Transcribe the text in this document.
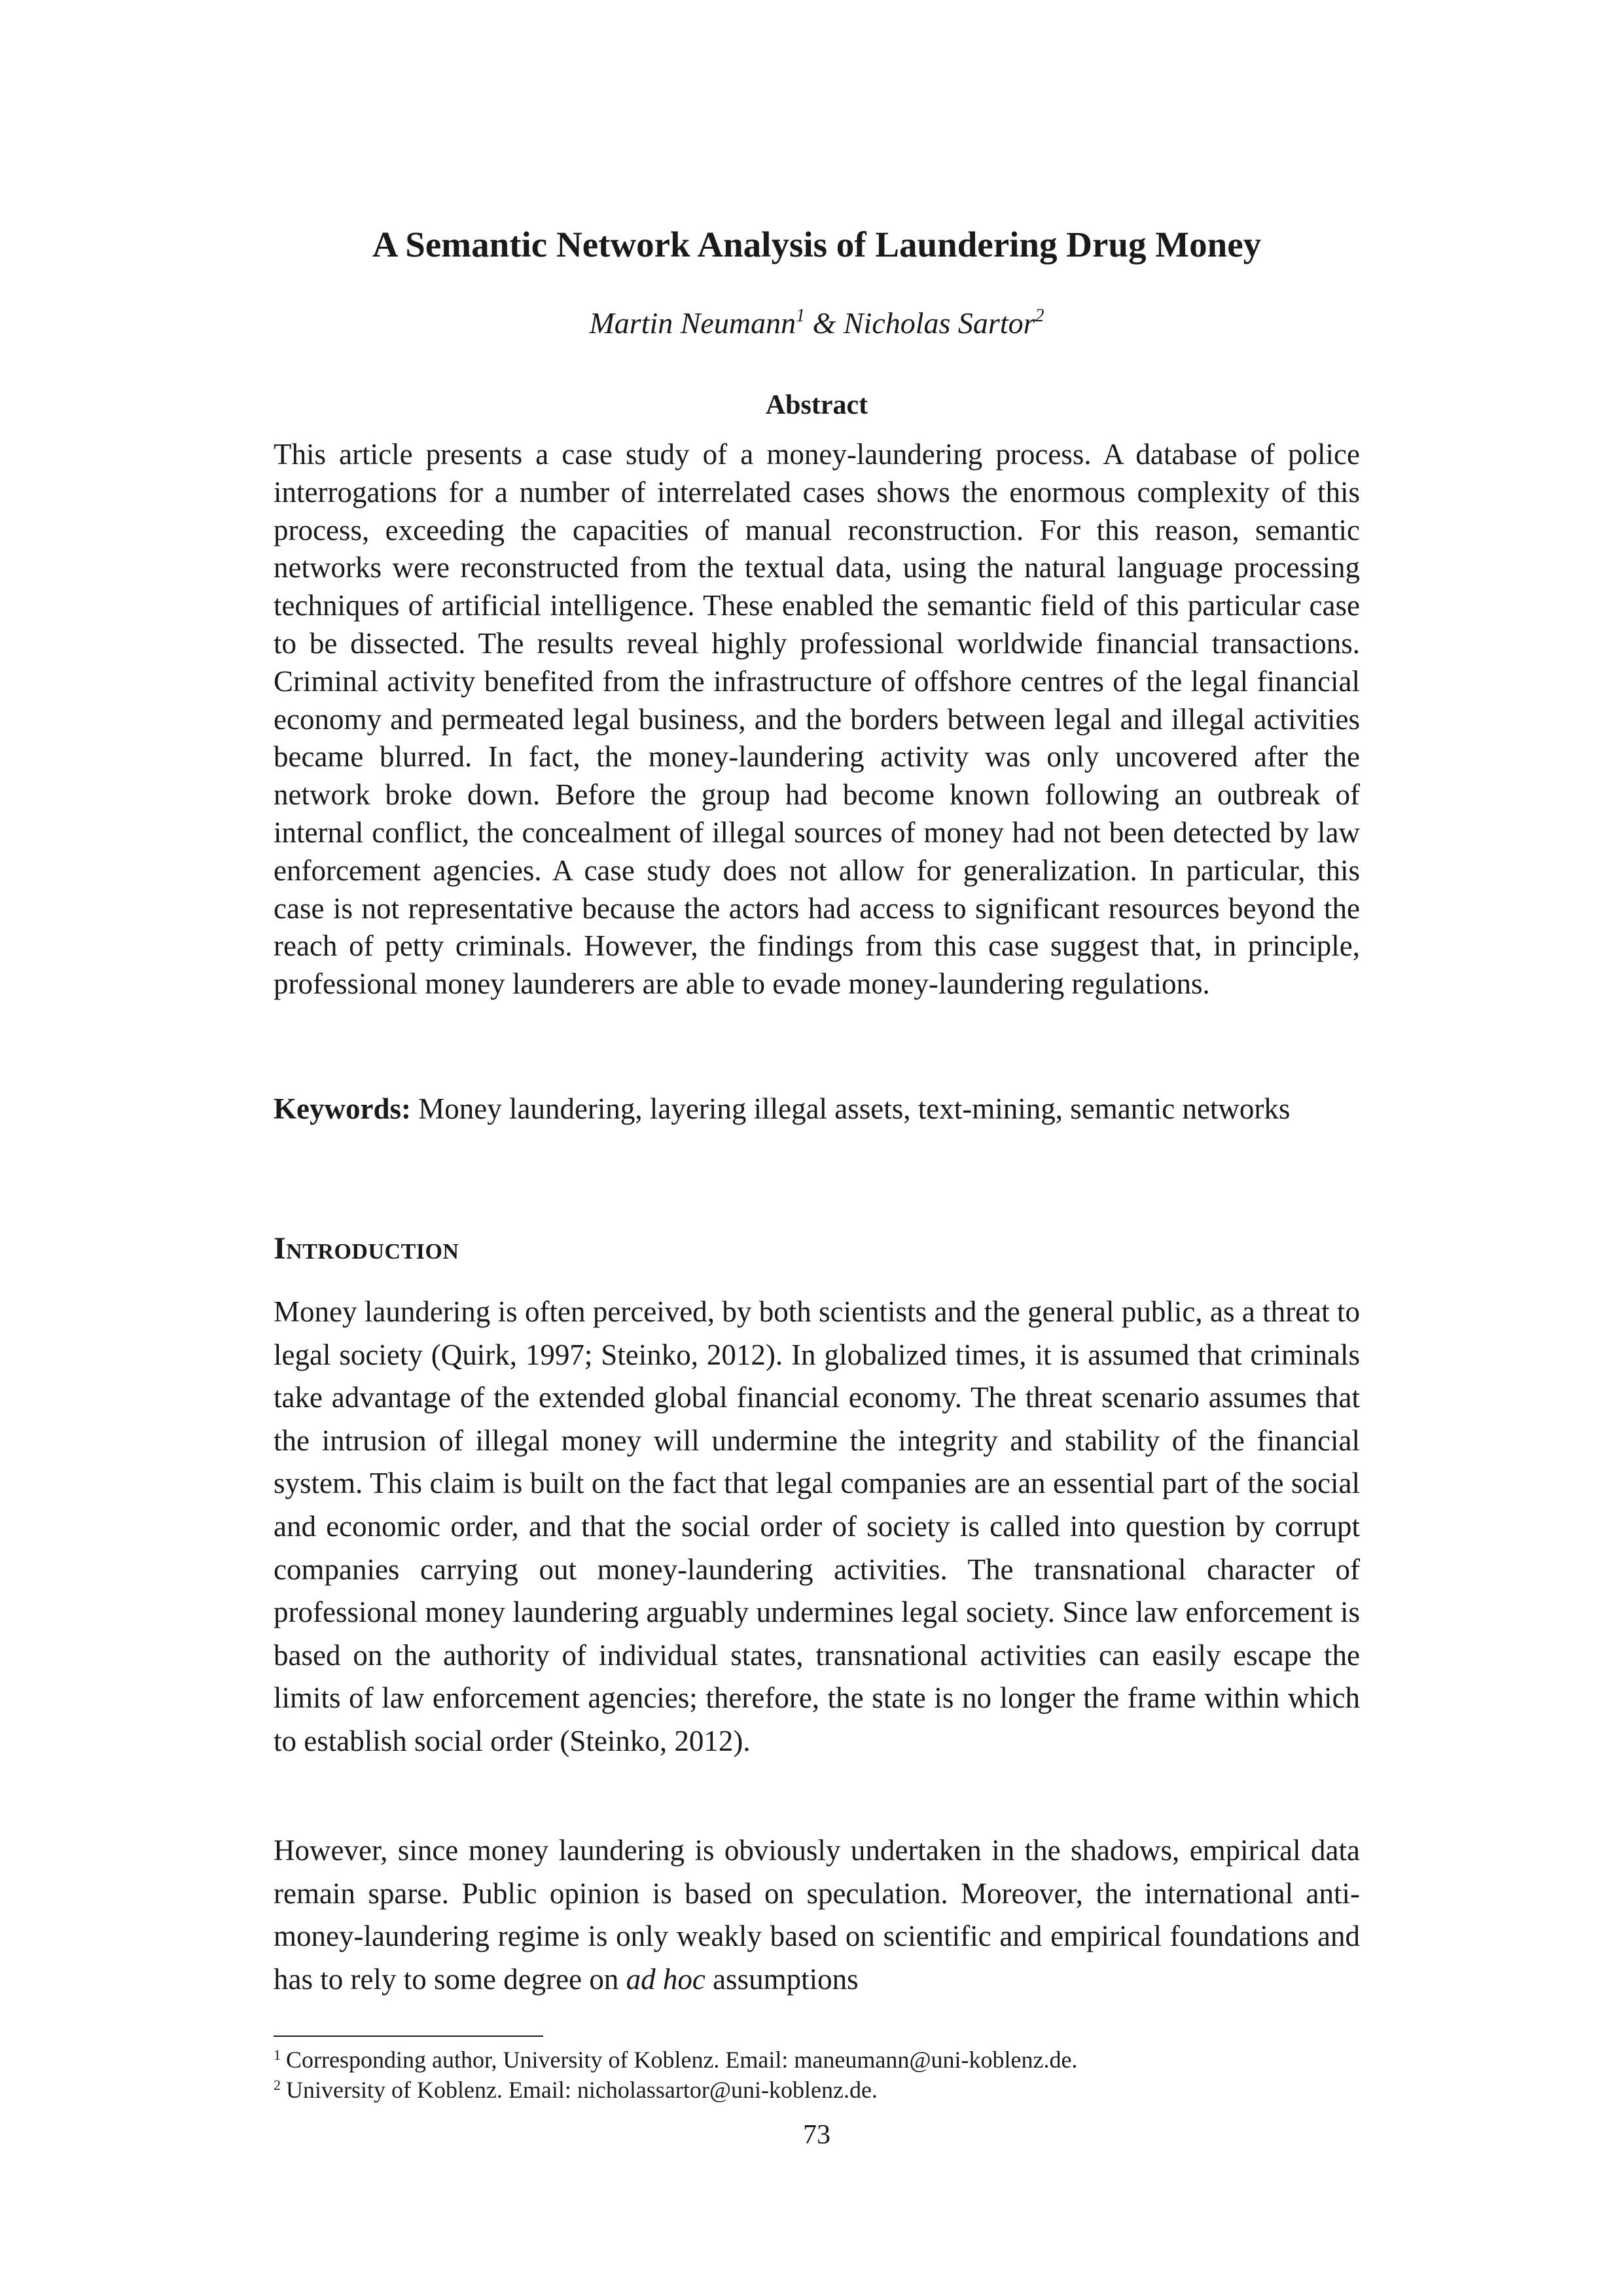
A Semantic Network Analysis of Laundering Drug Money
Martin Neumann$^1$ & Nicholas Sartor$^2$
Abstract

This article presents a case study of a money-laundering process. A database of police interrogations for a number of interrelated cases shows the enormous complexity of this process, exceeding the capacities of manual reconstruction. For this reason, semantic networks were reconstructed from the textual data, using the natural language processing techniques of artificial intelligence. These enabled the semantic field of this particular case to be dissected. The results reveal highly professional worldwide financial transactions. Criminal activity benefited from the infrastructure of offshore centres of the legal financial economy and permeated legal business, and the borders between legal and illegal activities became blurred. In fact, the money-laundering activity was only uncovered after the network broke down. Before the group had become known following an outbreak of internal conflict, the concealment of illegal sources of money had not been detected by law enforcement agencies. A case study does not allow for generalization. In particular, this case is not representative because the actors had access to significant resources beyond the reach of petty criminals. However, the findings from this case suggest that, in principle, professional money launderers are able to evade money-laundering regulations.

Keywords: Money laundering, layering illegal assets, text-mining, semantic networks

Introduction

Money laundering is often perceived, by both scientists and the general public, as a threat to legal society (Quirk, 1997; Steinko, 2012). In globalized times, it is assumed that criminals take advantage of the extended global financial economy. The threat scenario assumes that the intrusion of illegal money will undermine the integrity and stability of the financial system. This claim is built on the fact that legal companies are an essential part of the social and economic order, and that the social order of society is called into question by corrupt companies carrying out money-laundering activities. The transnational character of professional money laundering arguably undermines legal society. Since law enforcement is based on the authority of individual states, transnational activities can easily escape the limits of law enforcement agencies; therefore, the state is no longer the frame within which to establish social order (Steinko, 2012).

However, since money laundering is obviously undertaken in the shadows, empirical data remain sparse. Public opinion is based on speculation. Moreover, the international anti-money-laundering regime is only weakly based on scientific and empirical foundations and has to rely to some degree on ad hoc assumptions

$^1$ Corresponding author, University of Koblenz. Email: maneumann@uni-koblenz.de.
$^2$ University of Koblenz. Email: nicholassartor@uni-koblenz.de.
73
